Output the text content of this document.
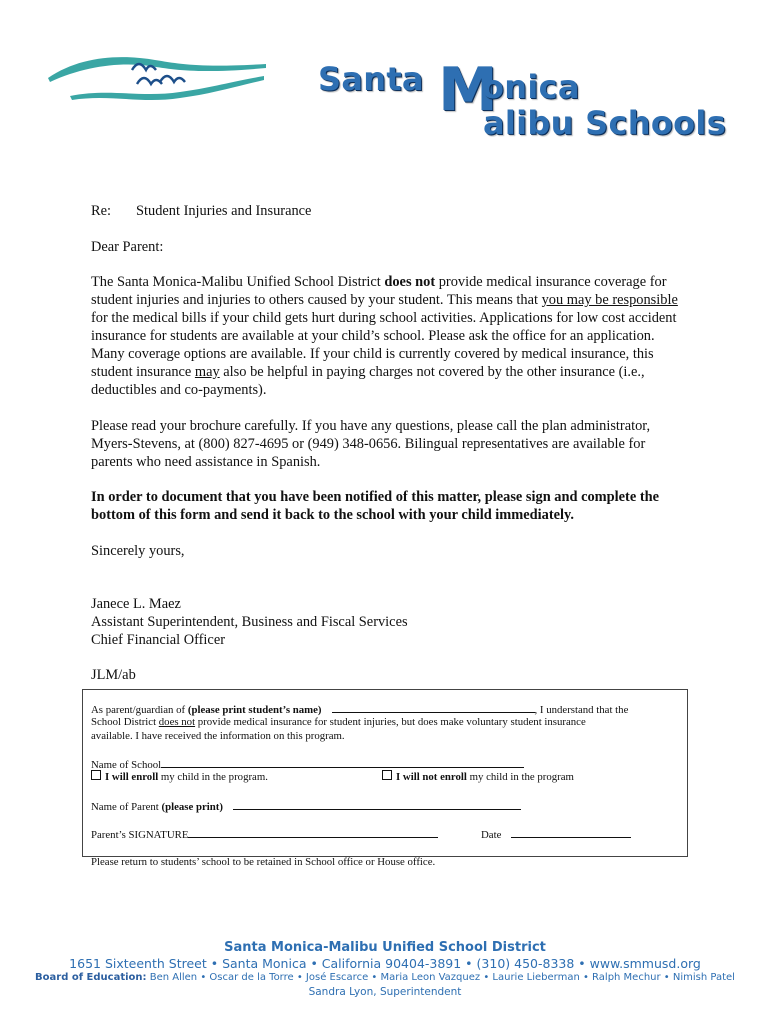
Santa M
onica
alibu Schools
Re: Student Injuries and Insurance
Dear Parent:

The Santa Monica-Malibu Unified School District does not provide medical insurance coverage for student injuries and injuries to others caused by your student. This means that you may be responsible for the medical bills if your child gets hurt during school activities. Applications for low cost accident insurance for students are available at your child’s school. Please ask the office for an application. Many coverage options are available. If your child is currently covered by medical insurance, this student insurance may also be helpful in paying charges not covered by the other insurance (i.e., deductibles and co-payments).

Please read your brochure carefully. If you have any questions, please call the plan administrator, Myers-Stevens, at (800) 827-4695 or (949) 348-0656. Bilingual representatives are available for parents who need assistance in Spanish.
In order to document that you have been notified of this matter, please sign and complete the bottom of this form and send it back to the school with your child immediately.
Sincerely yours,
Janece L. Maez
Assistant Superintendent, Business and Fiscal Services
Chief Financial Officer
JLM/ab
As parent/guardian of (please print student’s name)	, I understand that the
School District does not provide medical insurance for student injuries, but does make voluntary student insurance
available. I have received the information on this program.
Name of School
I will enroll my child in the program.	I will not enroll my child in the program
Name of Parent (please print)
Parent’s SIGNATURE	Date
Please return to students’ school to be retained in School office or House office.
Santa Monica-Malibu Unified School District
1651 Sixteenth Street • Santa Monica • California 90404-3891 • (310) 450-8338 • www.smmusd.org
Board of Education: Ben Allen • Oscar de la Torre • José Escarce • Maria Leon Vazquez • Laurie Lieberman • Ralph Mechur • Nimish Patel
Sandra Lyon, Superintendent
